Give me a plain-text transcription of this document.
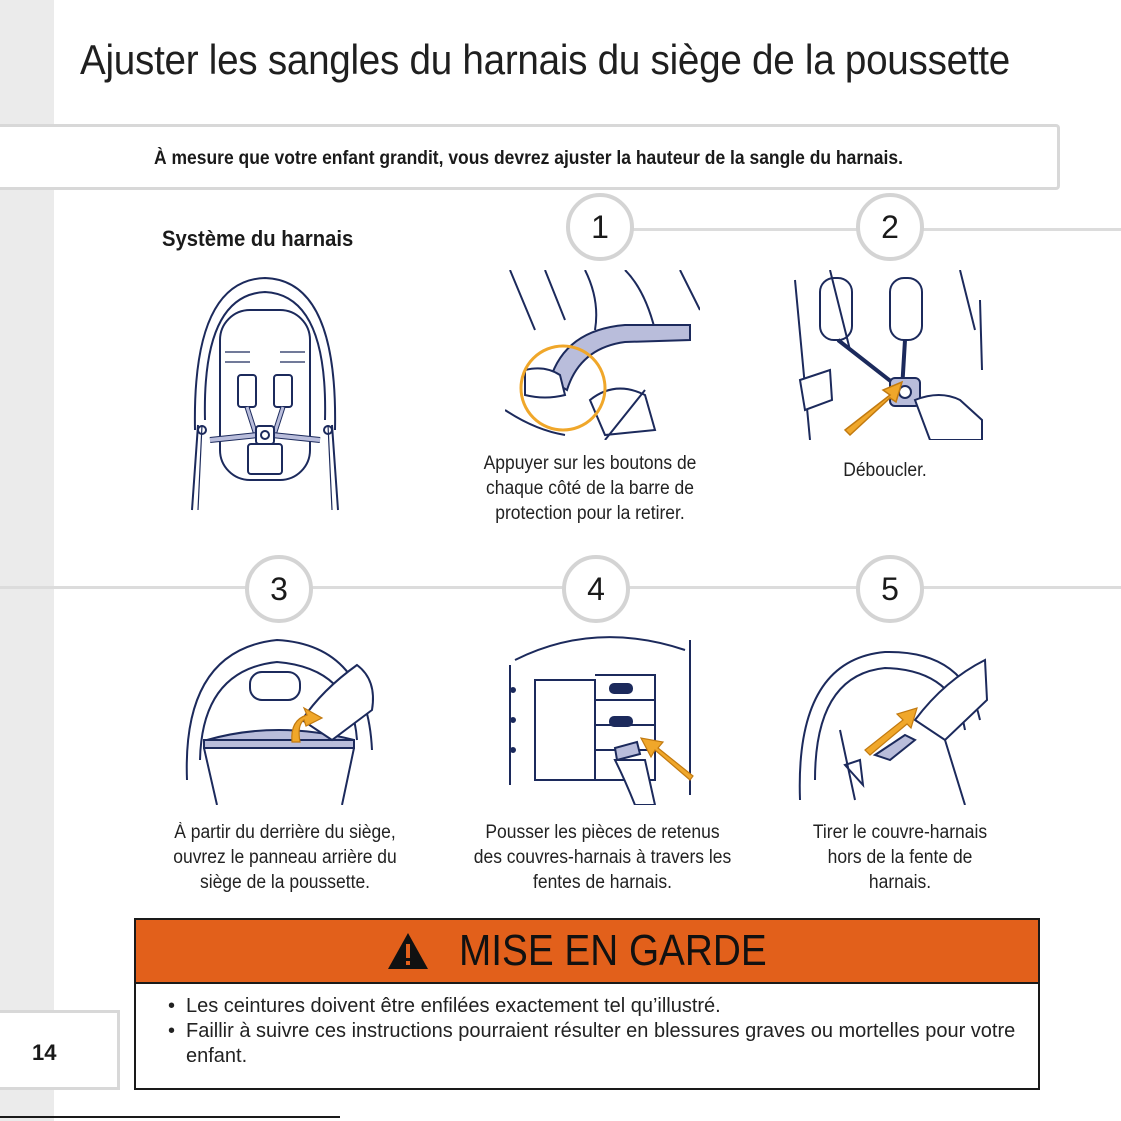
Ajuster les sangles du harnais du siège de la poussette
À mesure que votre enfant grandit, vous devrez ajuster la hauteur de la sangle du harnais.
Système du harnais	1
Appuyer sur les boutons de chaque côté de la barre de protection pour la retirer.
2
Déboucler.
3
À partir du derrière du siège, ouvrez le panneau arrière du siège de la poussette.
4
Pousser les pièces de retenus des couvres-harnais à travers les fentes de harnais.
5
Tirer le couvre-harnais hors de la fente de harnais.
MISE EN GARDE
• Les ceintures doivent être enfilées exactement tel qu’illustré.
• Faillir à suivre ces instructions pourraient résulter en blessures graves ou mortelles pour votre enfant.
14
